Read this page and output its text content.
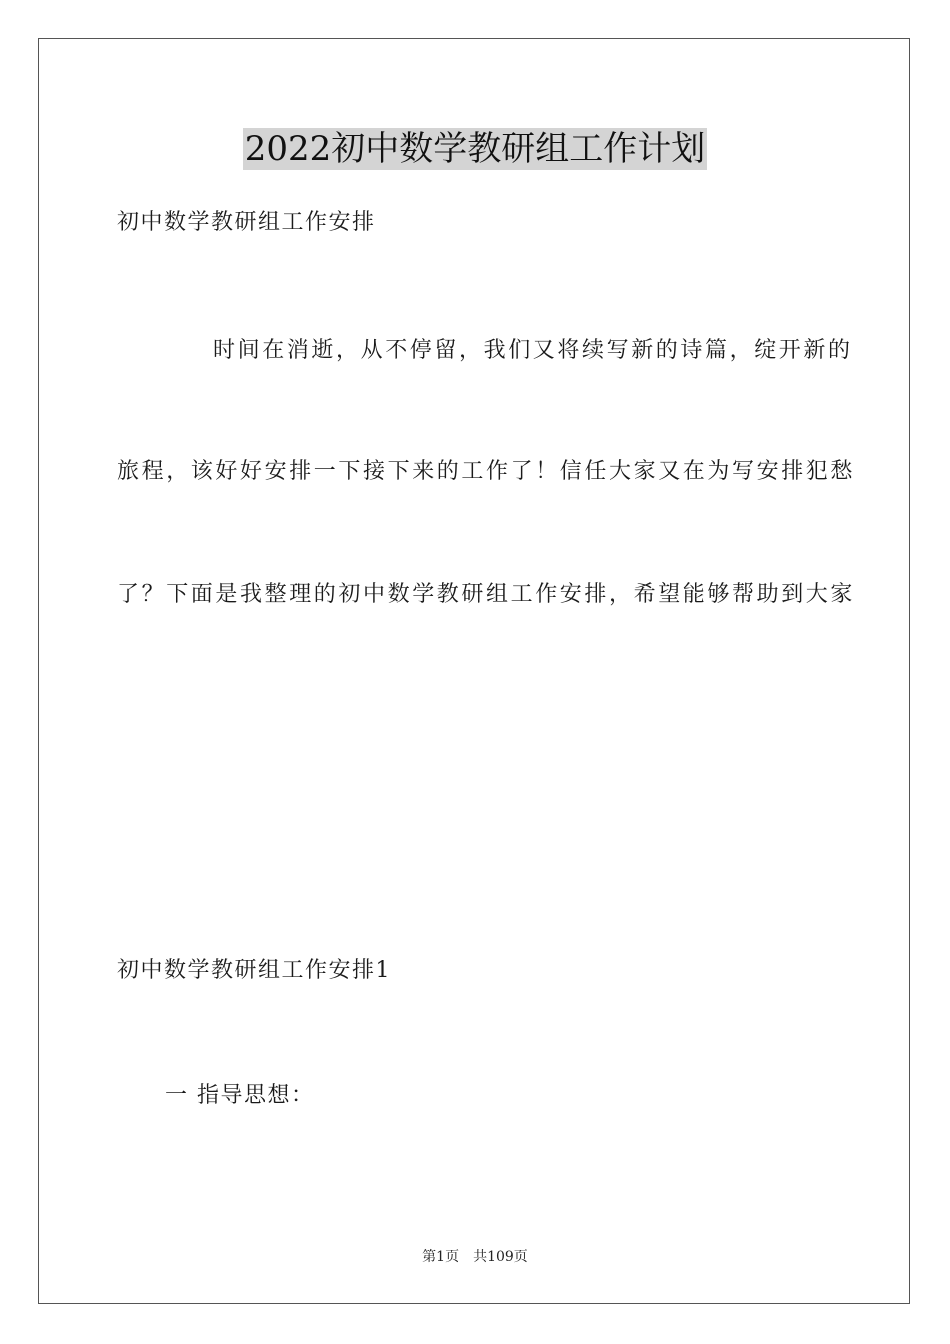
2022初中数学教研组工作计划
初中数学教研组工作安排
时间在消逝，从不停留，我们又将续写新的诗篇，绽开新的
旅程，该好好安排一下接下来的工作了！信任大家又在为写安排犯愁
了？下面是我整理的初中数学教研组工作安排，希望能够帮助到大家
初中数学教研组工作安排1
一 指导思想：
第1页　共109页
